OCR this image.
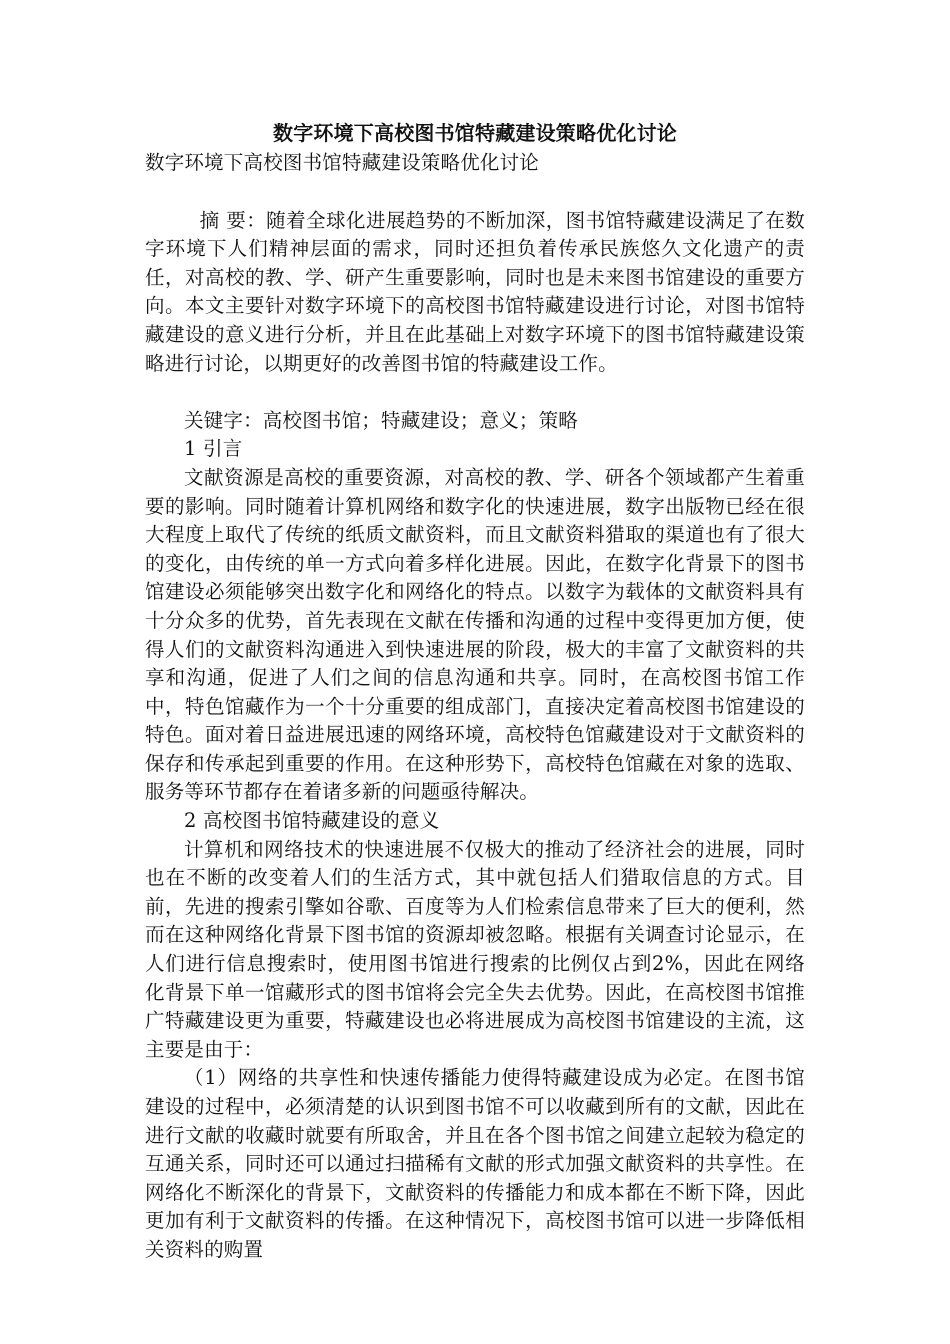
数字环境下高校图书馆特藏建设策略优化讨论

数字环境下高校图书馆特藏建设策略优化讨论

摘 要：随着全球化进展趋势的不断加深，图书馆特藏建设满足了在数字环境下人们精神层面的需求，同时还担负着传承民族悠久文化遗产的责任，对高校的教、学、研产生重要影响，同时也是未来图书馆建设的重要方向。本文主要针对数字环境下的高校图书馆特藏建设进行讨论，对图书馆特藏建设的意义进行分析，并且在此基础上对数字环境下的图书馆特藏建设策略进行讨论，以期更好的改善图书馆的特藏建设工作。

关键字：高校图书馆；特藏建设；意义；策略

1 引言

文献资源是高校的重要资源，对高校的教、学、研各个领域都产生着重要的影响。同时随着计算机网络和数字化的快速进展，数字出版物已经在很大程度上取代了传统的纸质文献资料，而且文献资料猎取的渠道也有了很大的变化，由传统的单一方式向着多样化进展。因此，在数字化背景下的图书馆建设必须能够突出数字化和网络化的特点。以数字为载体的文献资料具有十分众多的优势，首先表现在文献在传播和沟通的过程中变得更加方便，使得人们的文献资料沟通进入到快速进展的阶段，极大的丰富了文献资料的共享和沟通，促进了人们之间的信息沟通和共享。同时，在高校图书馆工作中，特色馆藏作为一个十分重要的组成部门，直接决定着高校图书馆建设的特色。面对着日益进展迅速的网络环境，高校特色馆藏建设对于文献资料的保存和传承起到重要的作用。在这种形势下，高校特色馆藏在对象的选取、服务等环节都存在着诸多新的问题亟待解决。

2 高校图书馆特藏建设的意义

计算机和网络技术的快速进展不仅极大的推动了经济社会的进展，同时也在不断的改变着人们的生活方式，其中就包括人们猎取信息的方式。目前，先进的搜索引擎如谷歌、百度等为人们检索信息带来了巨大的便利，然而在这种网络化背景下图书馆的资源却被忽略。根据有关调查讨论显示，在人们进行信息搜索时，使用图书馆进行搜索的比例仅占到2%，因此在网络化背景下单一馆藏形式的图书馆将会完全失去优势。因此，在高校图书馆推广特藏建设更为重要，特藏建设也必将进展成为高校图书馆建设的主流，这主要是由于：

（1）网络的共享性和快速传播能力使得特藏建设成为必定。在图书馆建设的过程中，必须清楚的认识到图书馆不可以收藏到所有的文献，因此在进行文献的收藏时就要有所取舍，并且在各个图书馆之间建立起较为稳定的互通关系，同时还可以通过扫描稀有文献的形式加强文献资料的共享性。在网络化不断深化的背景下，文献资料的传播能力和成本都在不断下降，因此更加有利于文献资料的传播。在这种情况下，高校图书馆可以进一步降低相关资料的购置
